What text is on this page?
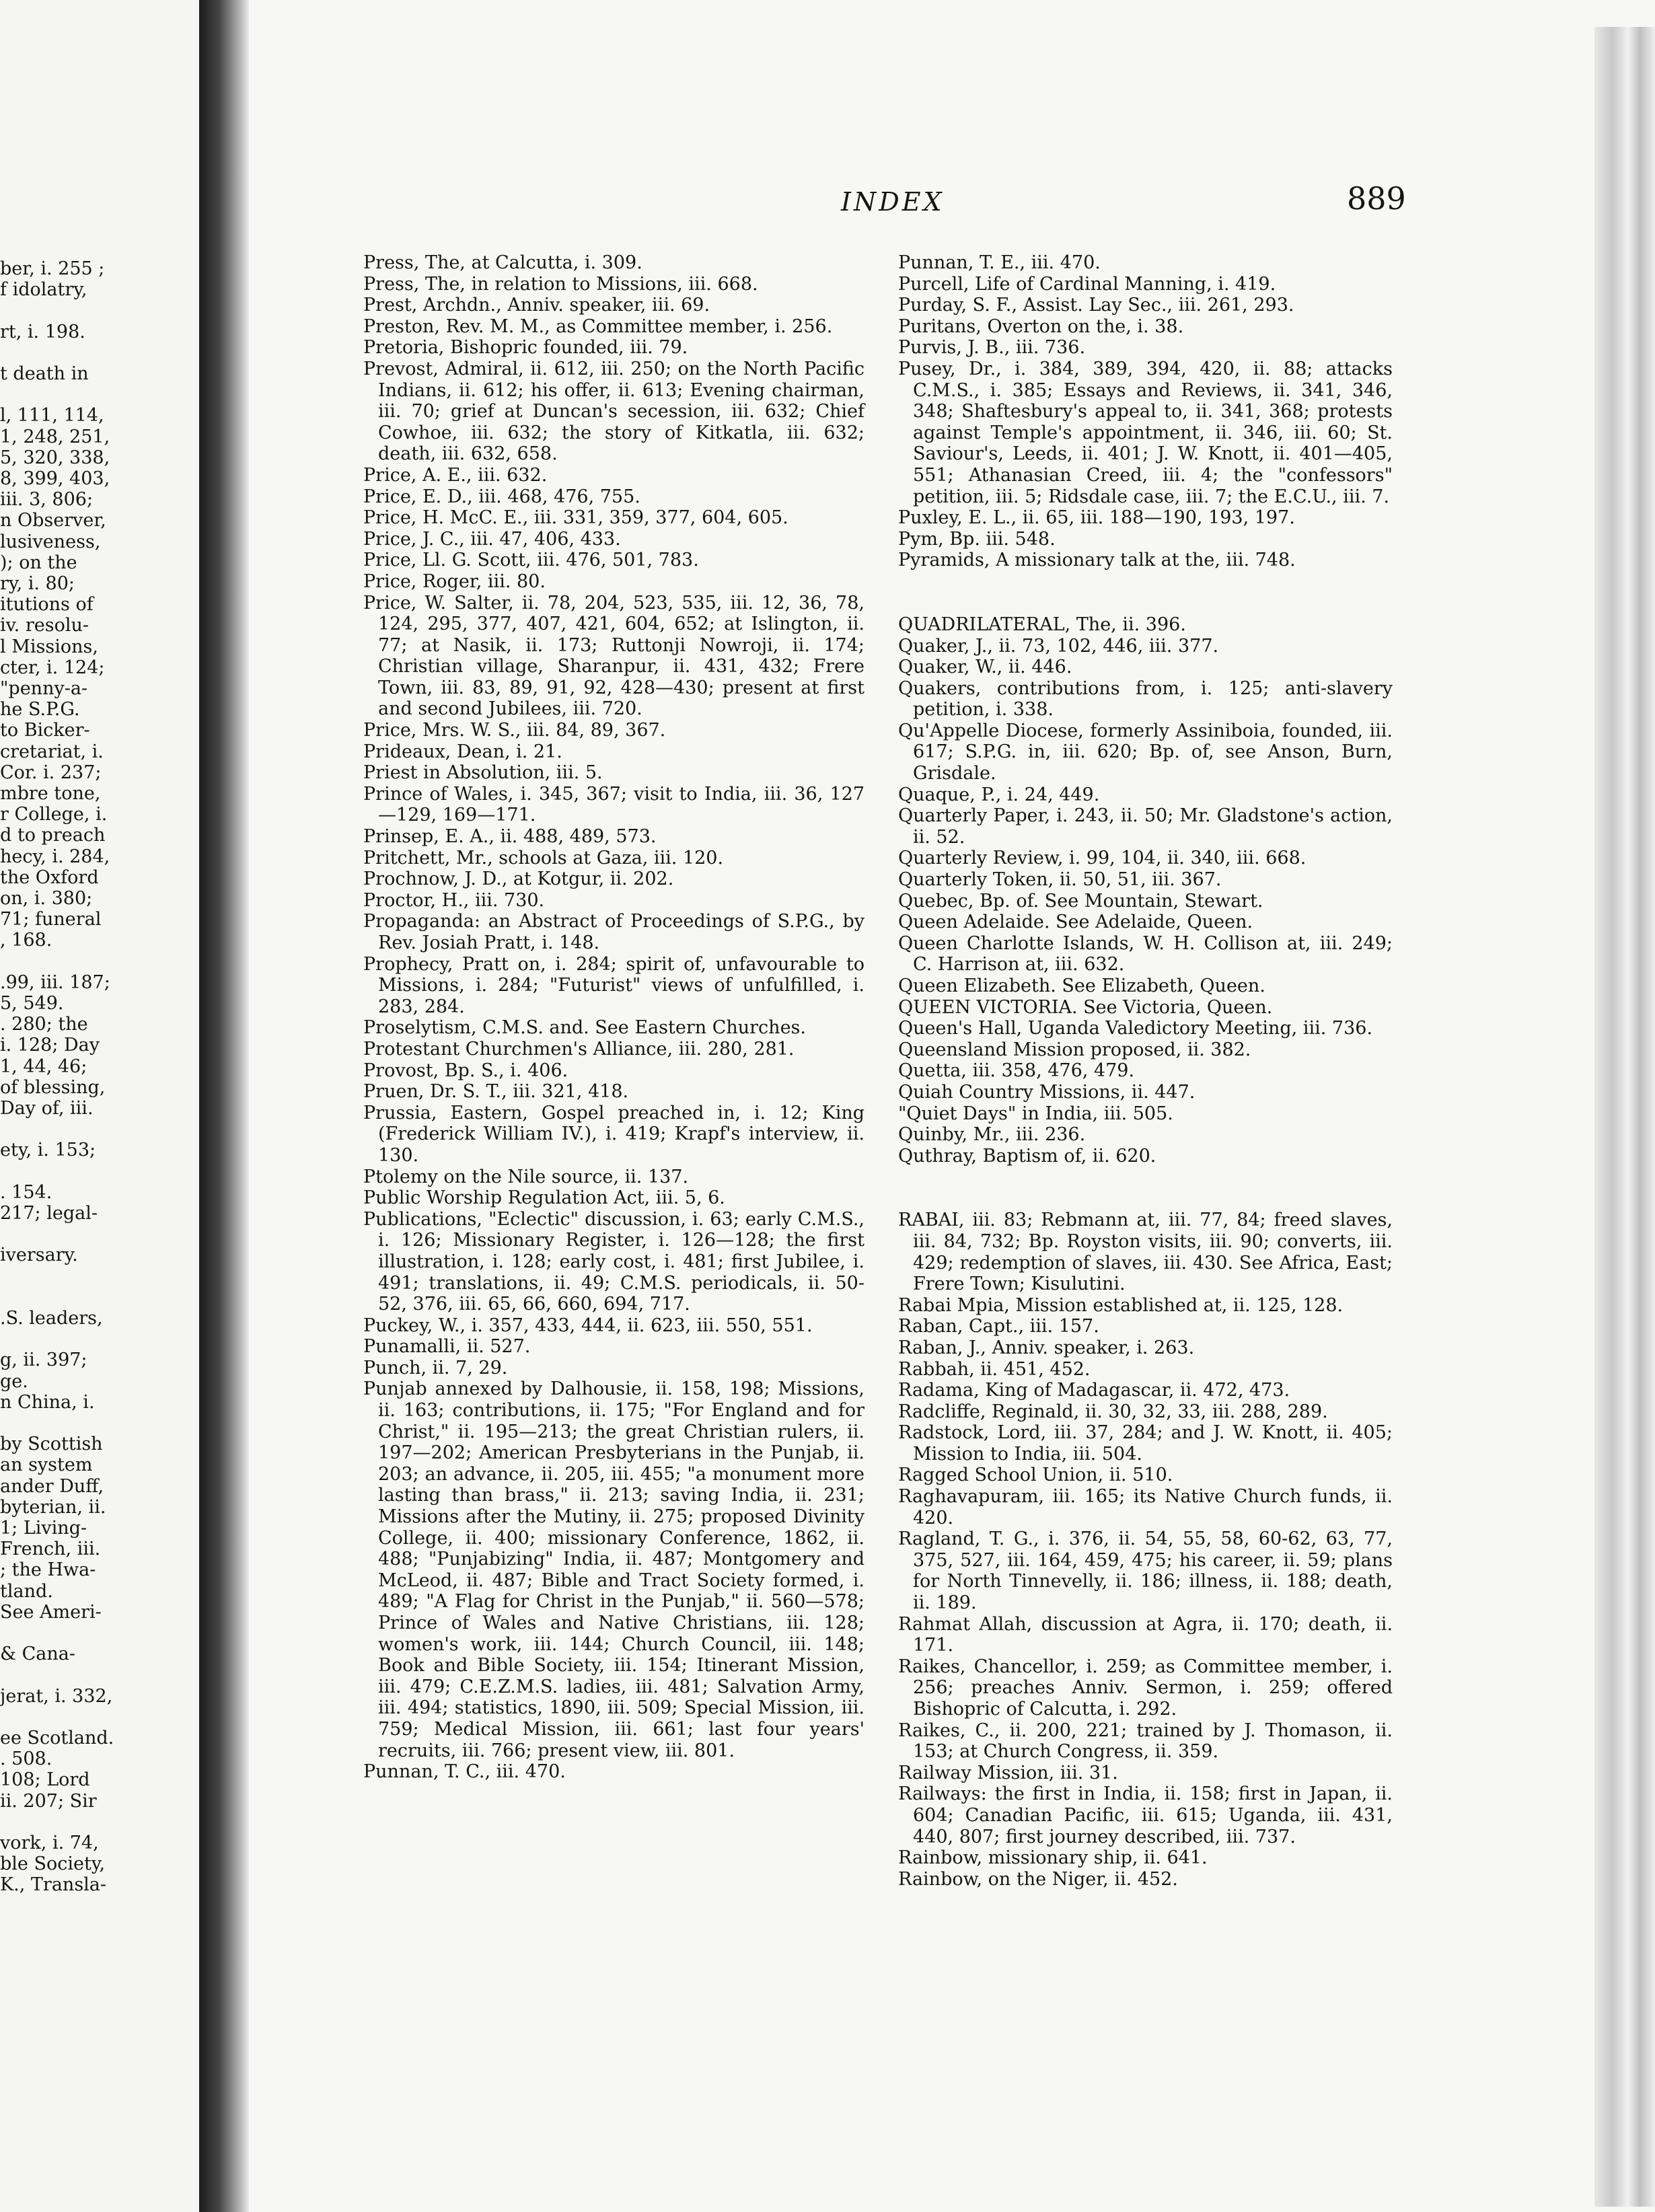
ber, i. 255 ;
f idolatry,
rt, i. 198.
t death in
l, 111, 114,
1, 248, 251,
5, 320, 338,
8, 399, 403,
iii. 3, 806;
n Observer,
lusiveness,
); on the
ry, i. 80;
itutions of
iv. resolu-
l Missions,
cter, i. 124;
"penny-a-
he S.P.G.
to Bicker-
cretariat, i.
Cor. i. 237;
mbre tone,
r College, i.
d to preach
hecy, i. 284,
the Oxford
on, i. 380;
71; funeral
, 168.
.99, iii. 187;
5, 549.
. 280; the
i. 128; Day
1, 44, 46;
of blessing,
Day of, iii.
ety, i. 153;
. 154.
217; legal-
iversary.
.S. leaders,
g, ii. 397;
ge.
n China, i.
by Scottish
an system
ander Duff,
byterian, ii.
1; Living-
French, iii.
; the Hwa-
tland.
See Ameri-
& Cana-
jerat, i. 332,
ee Scotland.
. 508.
108; Lord
ii. 207; Sir
vork, i. 74,
ble Society,
K., Transla-
INDEX	889

Press, The, at Calcutta, i. 309.

Press, The, in relation to Missions, iii. 668.

Prest, Archdn., Anniv. speaker, iii. 69.

Preston, Rev. M. M., as Committee member, i. 256.

Pretoria, Bishopric founded, iii. 79.

Prevost, Admiral, ii. 612, iii. 250; on the North Pacific Indians, ii. 612; his offer, ii. 613; Evening chairman, iii. 70; grief at Duncan's secession, iii. 632; Chief Cowhoe, iii. 632; the story of Kitkatla, iii. 632; death, iii. 632, 658.

Price, A. E., iii. 632.

Price, E. D., iii. 468, 476, 755.

Price, H. McC. E., iii. 331, 359, 377, 604, 605.

Price, J. C., iii. 47, 406, 433.

Price, Ll. G. Scott, iii. 476, 501, 783.

Price, Roger, iii. 80.

Price, W. Salter, ii. 78, 204, 523, 535, iii. 12, 36, 78, 124, 295, 377, 407, 421, 604, 652; at Islington, ii. 77; at Nasik, ii. 173; Ruttonji Nowroji, ii. 174; Christian village, Sharanpur, ii. 431, 432; Frere Town, iii. 83, 89, 91, 92, 428—430; present at first and second Jubilees, iii. 720.

Price, Mrs. W. S., iii. 84, 89, 367.

Prideaux, Dean, i. 21.

Priest in Absolution, iii. 5.

Prince of Wales, i. 345, 367; visit to India, iii. 36, 127—129, 169—171.

Prinsep, E. A., ii. 488, 489, 573.

Pritchett, Mr., schools at Gaza, iii. 120.

Prochnow, J. D., at Kotgur, ii. 202.

Proctor, H., iii. 730.

Propaganda: an Abstract of Proceedings of S.P.G., by Rev. Josiah Pratt, i. 148.

Prophecy, Pratt on, i. 284; spirit of, unfavourable to Missions, i. 284; "Futurist" views of unfulfilled, i. 283, 284.

Proselytism, C.M.S. and. See Eastern Churches.

Protestant Churchmen's Alliance, iii. 280, 281.

Provost, Bp. S., i. 406.

Pruen, Dr. S. T., iii. 321, 418.

Prussia, Eastern, Gospel preached in, i. 12; King (Frederick William IV.), i. 419; Krapf's interview, ii. 130.

Ptolemy on the Nile source, ii. 137.

Public Worship Regulation Act, iii. 5, 6.

Publications, "Eclectic" discussion, i. 63; early C.M.S., i. 126; Missionary Register, i. 126—128; the first illustration, i. 128; early cost, i. 481; first Jubilee, i. 491; translations, ii. 49; C.M.S. periodicals, ii. 50-52, 376, iii. 65, 66, 660, 694, 717.

Puckey, W., i. 357, 433, 444, ii. 623, iii. 550, 551.

Punamalli, ii. 527.

Punch, ii. 7, 29.

Punjab annexed by Dalhousie, ii. 158, 198; Missions, ii. 163; contributions, ii. 175; "For England and for Christ," ii. 195—213; the great Christian rulers, ii. 197—202; American Presbyterians in the Punjab, ii. 203; an advance, ii. 205, iii. 455; "a monument more lasting than brass," ii. 213; saving India, ii. 231; Missions after the Mutiny, ii. 275; proposed Divinity College, ii. 400; missionary Conference, 1862, ii. 488; "Punjabizing" India, ii. 487; Montgomery and McLeod, ii. 487; Bible and Tract Society formed, i. 489; "A Flag for Christ in the Punjab," ii. 560—578; Prince of Wales and Native Christians, iii. 128; women's work, iii. 144; Church Council, iii. 148; Book and Bible Society, iii. 154; Itinerant Mission, iii. 479; C.E.Z.M.S. ladies, iii. 481; Salvation Army, iii. 494; statistics, 1890, iii. 509; Special Mission, iii. 759; Medical Mission, iii. 661; last four years' recruits, iii. 766; present view, iii. 801.

Punnan, T. C., iii. 470.

Punnan, T. E., iii. 470.

Purcell, Life of Cardinal Manning, i. 419.

Purday, S. F., Assist. Lay Sec., iii. 261, 293.

Puritans, Overton on the, i. 38.

Purvis, J. B., iii. 736.

Pusey, Dr., i. 384, 389, 394, 420, ii. 88; attacks C.M.S., i. 385; Essays and Reviews, ii. 341, 346, 348; Shaftesbury's appeal to, ii. 341, 368; protests against Temple's appointment, ii. 346, iii. 60; St. Saviour's, Leeds, ii. 401; J. W. Knott, ii. 401—405, 551; Athanasian Creed, iii. 4; the "confessors" petition, iii. 5; Ridsdale case, iii. 7; the E.C.U., iii. 7.

Puxley, E. L., ii. 65, iii. 188—190, 193, 197.

Pym, Bp. iii. 548.

Pyramids, A missionary talk at the, iii. 748.

QUADRILATERAL, The, ii. 396.

Quaker, J., ii. 73, 102, 446, iii. 377.

Quaker, W., ii. 446.

Quakers, contributions from, i. 125; anti-slavery petition, i. 338.

Qu'Appelle Diocese, formerly Assiniboia, founded, iii. 617; S.P.G. in, iii. 620; Bp. of, see Anson, Burn, Grisdale.

Quaque, P., i. 24, 449.

Quarterly Paper, i. 243, ii. 50; Mr. Gladstone's action, ii. 52.

Quarterly Review, i. 99, 104, ii. 340, iii. 668.

Quarterly Token, ii. 50, 51, iii. 367.

Quebec, Bp. of. See Mountain, Stewart.

Queen Adelaide. See Adelaide, Queen.

Queen Charlotte Islands, W. H. Collison at, iii. 249; C. Harrison at, iii. 632.

Queen Elizabeth. See Elizabeth, Queen.

QUEEN VICTORIA. See Victoria, Queen.

Queen's Hall, Uganda Valedictory Meeting, iii. 736.

Queensland Mission proposed, ii. 382.

Quetta, iii. 358, 476, 479.

Quiah Country Missions, ii. 447.

"Quiet Days" in India, iii. 505.

Quinby, Mr., iii. 236.

Quthray, Baptism of, ii. 620.

RABAI, iii. 83; Rebmann at, iii. 77, 84; freed slaves, iii. 84, 732; Bp. Royston visits, iii. 90; converts, iii. 429; redemption of slaves, iii. 430. See Africa, East; Frere Town; Kisulutini.

Rabai Mpia, Mission established at, ii. 125, 128.

Raban, Capt., iii. 157.

Raban, J., Anniv. speaker, i. 263.

Rabbah, ii. 451, 452.

Radama, King of Madagascar, ii. 472, 473.

Radcliffe, Reginald, ii. 30, 32, 33, iii. 288, 289.

Radstock, Lord, iii. 37, 284; and J. W. Knott, ii. 405; Mission to India, iii. 504.

Ragged School Union, ii. 510.

Raghavapuram, iii. 165; its Native Church funds, ii. 420.

Ragland, T. G., i. 376, ii. 54, 55, 58, 60-62, 63, 77, 375, 527, iii. 164, 459, 475; his career, ii. 59; plans for North Tinnevelly, ii. 186; illness, ii. 188; death, ii. 189.

Rahmat Allah, discussion at Agra, ii. 170; death, ii. 171.

Raikes, Chancellor, i. 259; as Committee member, i. 256; preaches Anniv. Sermon, i. 259; offered Bishopric of Calcutta, i. 292.

Raikes, C., ii. 200, 221; trained by J. Thomason, ii. 153; at Church Congress, ii. 359.

Railway Mission, iii. 31.

Railways: the first in India, ii. 158; first in Japan, ii. 604; Canadian Pacific, iii. 615; Uganda, iii. 431, 440, 807; first journey described, iii. 737.

Rainbow, missionary ship, ii. 641.

Rainbow, on the Niger, ii. 452.
